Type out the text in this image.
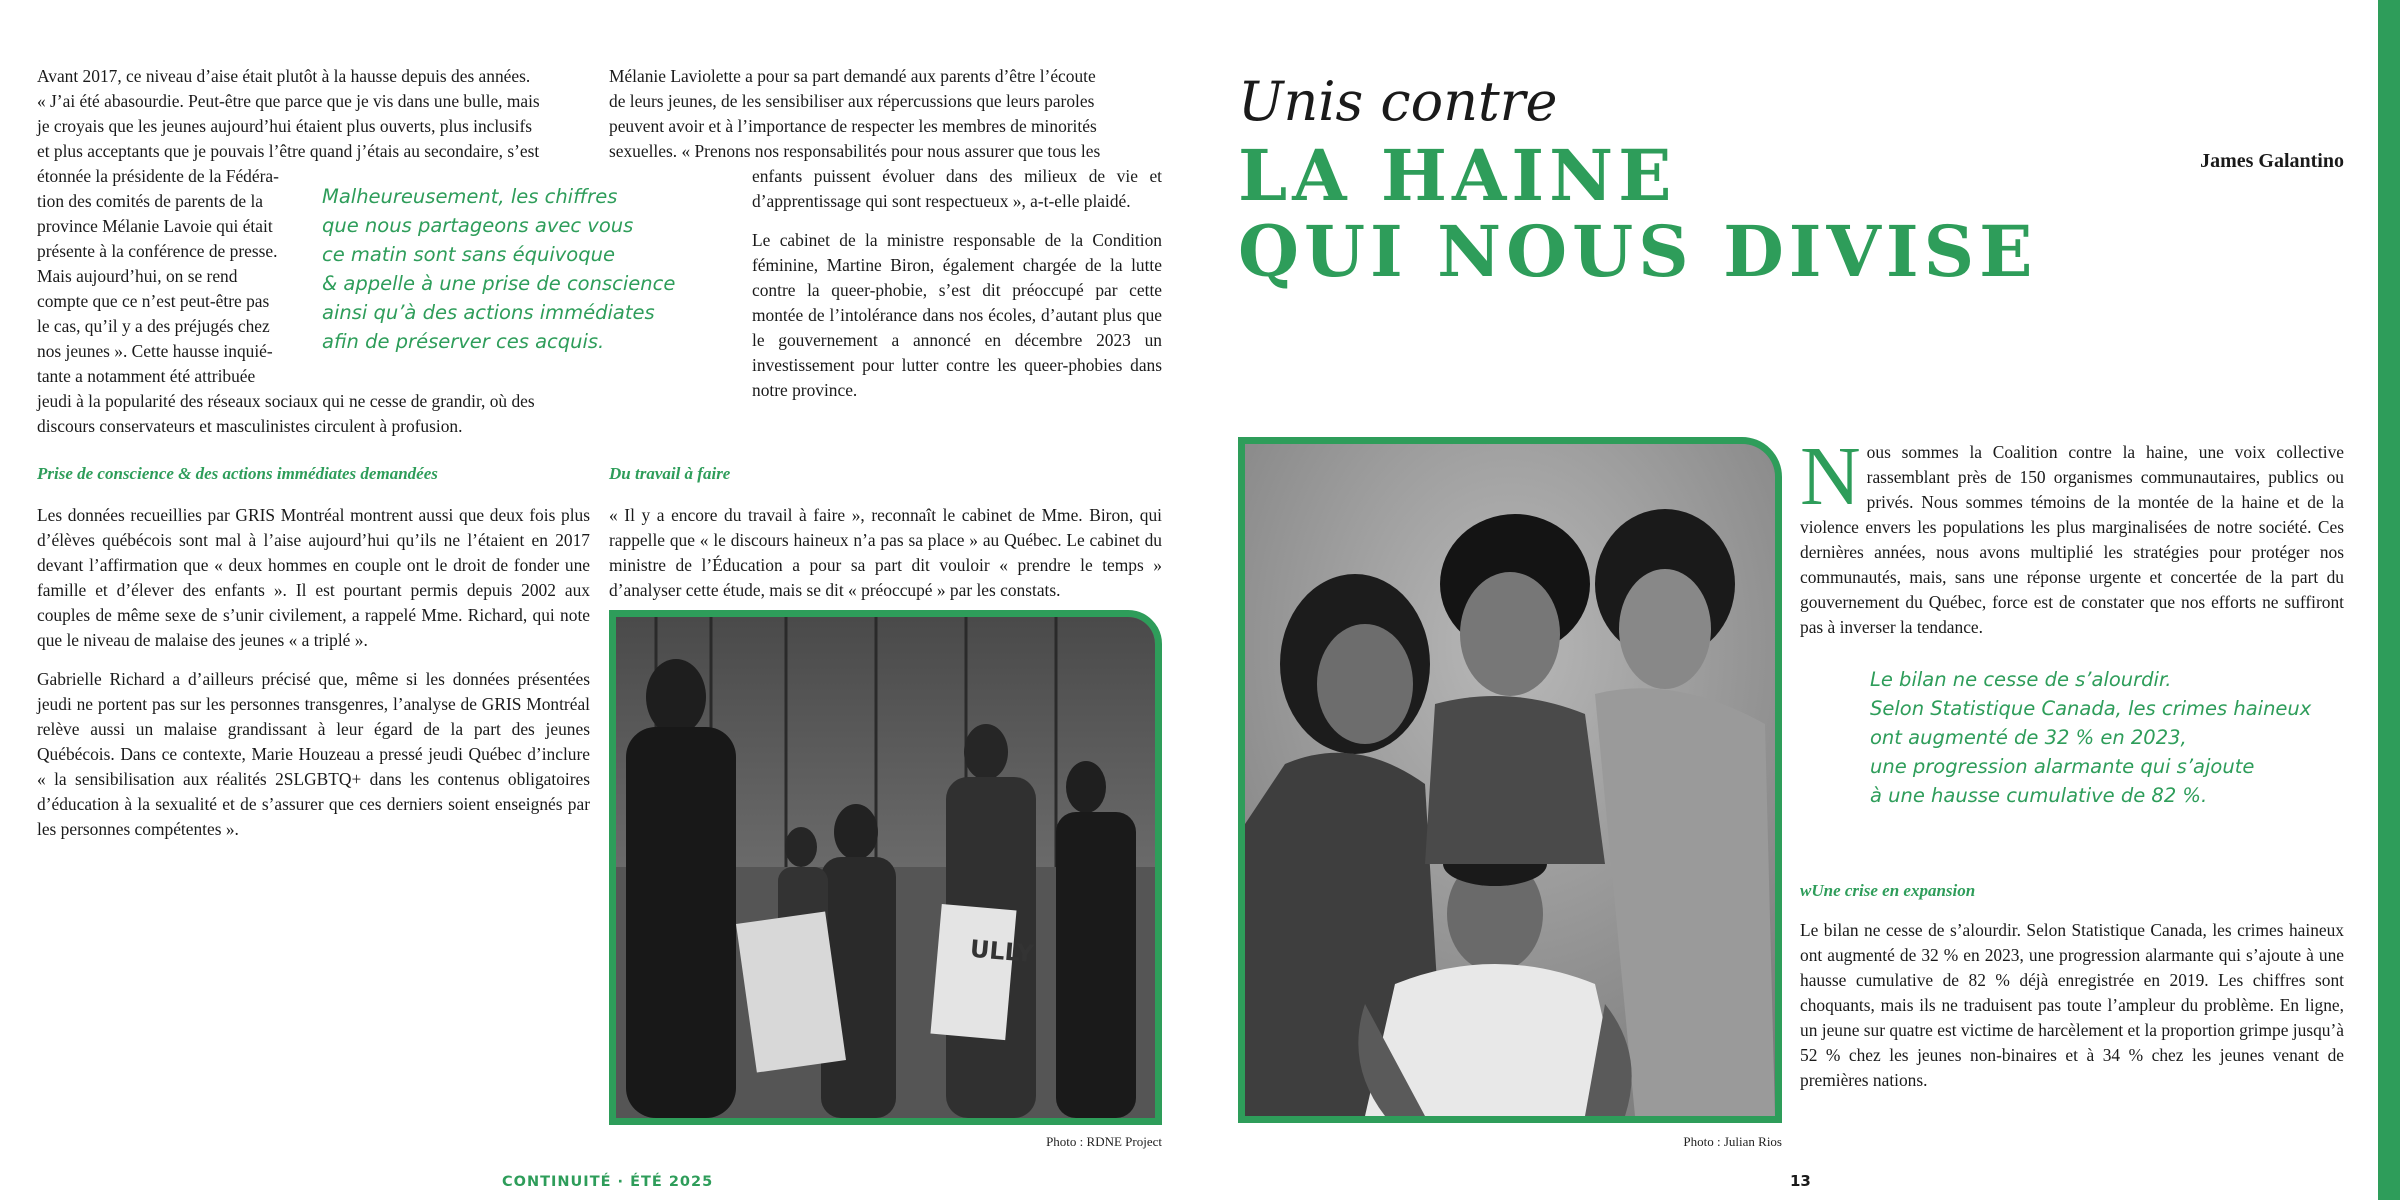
Avant 2017, ce niveau d’aise était plutôt à la hausse depuis des années.
« J’ai été abasourdie. Peut-être que parce que je vis dans une bulle, mais
je croyais que les jeunes aujourd’hui étaient plus ouverts, plus inclusifs
et plus acceptants que je pouvais l’être quand j’étais au secondaire, s’est
étonnée la présidente de la Fédéra-
tion des comités de parents de la
province Mélanie Lavoie qui était
présente à la conférence de presse.
Mais aujourd’hui, on se rend
compte que ce n’est peut-être pas
le cas, qu’il y a des préjugés chez
nos jeunes ». Cette hausse inquié-
tante a notamment été attribuée
Malheureusement, les chiffres
que nous partageons avec vous
ce matin sont sans équivoque
& appelle à une prise de conscience
ainsi qu’à des actions immédiates
afin de préserver ces acquis.
jeudi à la popularité des réseaux sociaux qui ne cesse de grandir, où des
discours conservateurs et masculinistes circulent à profusion.
Prise de conscience & des actions immédiates demandées

Les données recueillies par GRIS Montréal montrent aussi que deux fois plus d’élèves québécois sont mal à l’aise aujourd’hui qu’ils ne l’étaient en 2017 devant l’affirmation que « deux hommes en couple ont le droit de fonder une famille et d’élever des enfants ». Il est pourtant permis depuis 2002 aux couples de même sexe de s’unir civilement, a rappelé Mme. Richard, qui note que le niveau de malaise des jeunes « a triplé ».

Gabrielle Richard a d’ailleurs précisé que, même si les données présentées jeudi ne portent pas sur les personnes transgenres, l’analyse de GRIS Montréal relève aussi un malaise grandissant à leur égard de la part des jeunes Québécois. Dans ce contexte, Marie Houzeau a pressé jeudi Québec d’inclure « la sensibilisation aux réalités 2SLGBTQ+ dans les contenus obligatoires d’éducation à la sexualité et de s’assurer que ces derniers soient enseignés par les personnes compétentes ».

Mélanie Laviolette a pour sa part demandé aux parents d’être l’écoute
de leurs jeunes, de les sensibiliser aux répercussions que leurs paroles
peuvent avoir et à l’importance de respecter les membres de minorités
sexuelles. « Prenons nos responsabilités pour nous assurer que tous les

enfants puissent évoluer dans des milieux de vie et d’apprentissage qui sont respectueux », a-t-elle plaidé.

Le cabinet de la ministre responsable de la Condition féminine, Martine Biron, également chargée de la lutte contre la queer-phobie, s’est dit préoccupé par cette montée de l’intolérance dans nos écoles, d’autant plus que le gouvernement a annoncé en décembre 2023 un investissement pour lutter contre les queer-phobies dans notre province.

Du travail à faire

« Il y a encore du travail à faire », reconnaît le cabinet de Mme. Biron, qui rappelle que « le discours haineux n’a pas sa place » au Québec. Le cabinet du ministre de l’Éducation a pour sa part dit vouloir « prendre le temps » d’analyser cette étude, mais se dit « préoccupé » par les constats.

ULLY
Photo : RDNE Project
CONTINUITÉ · ÉTÉ 2025
Unis contre
LA HAINE
QUI NOUS DIVISE
James Galantino
Photo : Julian Rios
Nous sommes la Coalition contre la haine, une voix collective rassemblant près de 150 organismes communautaires, publics ou privés. Nous sommes témoins de la montée de la haine et de la violence envers les populations les plus marginalisées de notre société. Ces dernières années, nous avons multiplié les stratégies pour protéger nos communautés, mais, sans une réponse urgente et concertée de la part du gouvernement du Québec, force est de constater que nos efforts ne suffiront pas à inverser la tendance.
Le bilan ne cesse de s’alourdir.
Selon Statistique Canada, les crimes haineux
ont augmenté de 32 % en 2023,
une progression alarmante qui s’ajoute
à une hausse cumulative de 82 %.
wUne crise en expansion

Le bilan ne cesse de s’alourdir. Selon Statistique Canada, les crimes haineux ont augmenté de 32 % en 2023, une progression alarmante qui s’ajoute à une hausse cumulative de 82 % déjà enregistrée en 2019. Les chiffres sont choquants, mais ils ne traduisent pas toute l’ampleur du problème. En ligne, un jeune sur quatre est victime de harcèlement et la proportion grimpe jusqu’à 52 % chez les jeunes non-binaires et à 34 % chez les jeunes venant de premières nations.

13
